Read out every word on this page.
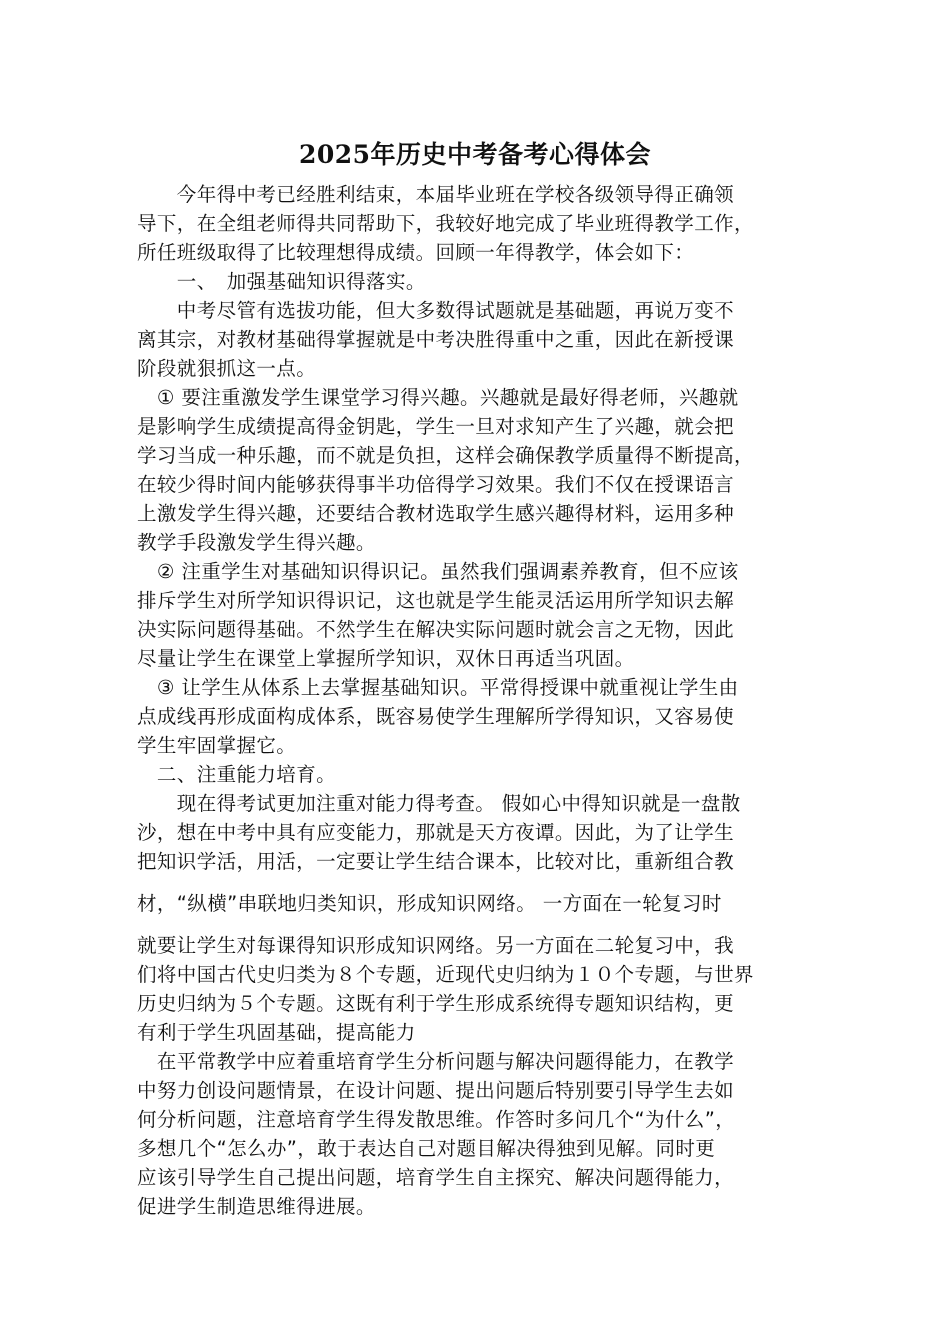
2025年历史中考备考心得体会
　　今年得中考已经胜利结束，本届毕业班在学校各级领导得正确领
导下，在全组老师得共同帮助下，我较好地完成了毕业班得教学工作，
所任班级取得了比较理想得成绩。回顾一年得教学，体会如下：
　　一、　加强基础知识得落实。
　　中考尽管有选拔功能，但大多数得试题就是基础题，再说万变不
离其宗，对教材基础得掌握就是中考决胜得重中之重，因此在新授课
阶段就狠抓这一点。
　① 要注重激发学生课堂学习得兴趣。兴趣就是最好得老师，兴趣就
是影响学生成绩提高得金钥匙，学生一旦对求知产生了兴趣，就会把
学习当成一种乐趣，而不就是负担，这样会确保教学质量得不断提高，
在较少得时间内能够获得事半功倍得学习效果。我们不仅在授课语言
上激发学生得兴趣，还要结合教材选取学生感兴趣得材料，运用多种
教学手段激发学生得兴趣。
　② 注重学生对基础知识得识记。虽然我们强调素养教育，但不应该
排斥学生对所学知识得识记，这也就是学生能灵活运用所学知识去解
决实际问题得基础。不然学生在解决实际问题时就会言之无物，因此
尽量让学生在课堂上掌握所学知识，双休日再适当巩固。
　③ 让学生从体系上去掌握基础知识。平常得授课中就重视让学生由
点成线再形成面构成体系，既容易使学生理解所学得知识，又容易使
学生牢固掌握它。
　二、注重能力培育。
　　现在得考试更加注重对能力得考查。 假如心中得知识就是一盘散
沙，想在中考中具有应变能力，那就是天方夜谭。因此，为了让学生
把知识学活，用活，一定要让学生结合课本，比较对比，重新组合教
材，“纵横”串联地归类知识，形成知识网络。 一方面在一轮复习时
就要让学生对每课得知识形成知识网络。另一方面在二轮复习中，我
们将中国古代史归类为８个专题，近现代史归纳为１０个专题，与世界
历史归纳为５个专题。这既有利于学生形成系统得专题知识结构，更
有利于学生巩固基础，提高能力
　在平常教学中应着重培育学生分析问题与解决问题得能力，在教学
中努力创设问题情景，在设计问题、提出问题后特别要引导学生去如
何分析问题，注意培育学生得发散思维。作答时多问几个“为什么”，
多想几个“怎么办”，敢于表达自己对题目解决得独到见解。同时更
应该引导学生自己提出问题，培育学生自主探究、解决问题得能力，
促进学生制造思维得进展。
